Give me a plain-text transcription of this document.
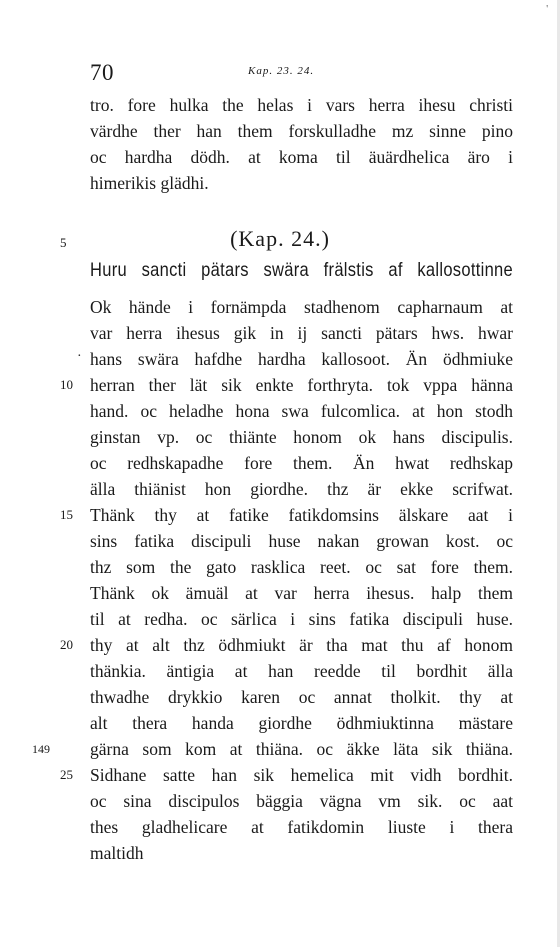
'
70	Kap. 23. 24.
tro. fore hulka the helas i vars herra ihesu christi
värdhe ther han them forskulladhe mz sinne pino
oc hardha dödh. at koma til äuärdhelica äro i
himerikis glädhi.
5	(Kap. 24.)
Huru sancti pätars swära frälstis af kallosottinne
Ok hände i fornämpda stadhenom capharnaum at
var herra ihesus gik in ij sancti pätars hws. hwar
· hans swära hafdhe hardha kallosoot. Än ödhmiuke
10 herran ther lät sik enkte forthryta. tok vppa hänna
hand. oc heladhe hona swa fulcomlica. at hon stodh
ginstan vp. oc thiänte honom ok hans discipulis.
oc redhskapadhe fore them. Än hwat redhskap
älla thiänist hon giordhe. thz är ekke scrifwat.
15 Thänk thy at fatike fatikdomsins älskare aat i
sins fatika discipuli huse nakan growan kost. oc
thz som the gato rasklica reet. oc sat fore them.
Thänk ok ämuäl at var herra ihesus. halp them
til at redha. oc särlica i sins fatika discipuli huse.
20 thy at alt thz ödhmiukt är tha mat thu af honom
thänkia. äntigia at han reedde til bordhit älla
thwadhe drykkio karen oc annat tholkit. thy at
alt thera handa giordhe ödhmiuktinna mästare
149 gärna som kom at thiäna. oc äkke läta sik thiäna.
25 Sidhane satte han sik hemelica mit vidh bordhit.
oc sina discipulos bäggia vägna vm sik. oc aat
thes gladhelicare at fatikdomin liuste i thera
maltidh
